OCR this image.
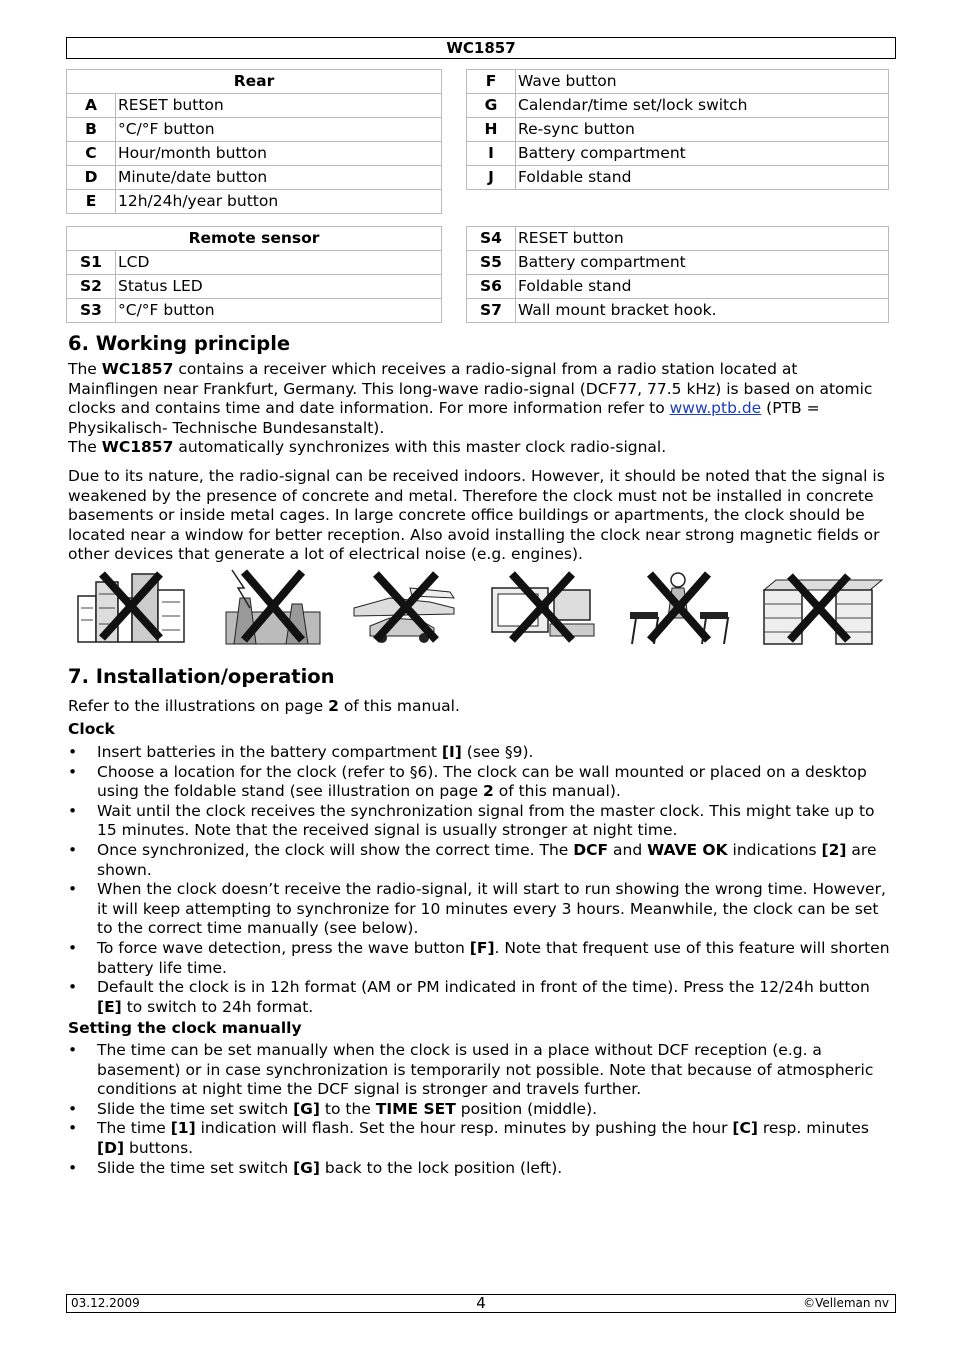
WC1857
Rear			F	Wave button
A	RESET button		G	Calendar/time set/lock switch
B	°C/°F button		H	Re-sync button
C	Hour/month button		I	Battery compartment
D	Minute/date button		J	Foldable stand
E	12h/24h/year button			
Remote sensor			S4	RESET button
S1	LCD		S5	Battery compartment
S2	Status LED		S6	Foldable stand
S3	°C/°F button		S7	Wall mount bracket hook.
6. Working principle

The WC1857 contains a receiver which receives a radio-signal from a radio station located at Mainflingen near Frankfurt, Germany. This long-wave radio-signal (DCF77, 77.5 kHz) is based on atomic clocks and contains time and date information. For more information refer to www.ptb.de (PTB = Physikalisch- Technische Bundesanstalt).
The WC1857 automatically synchronizes with this master clock radio-signal.

Due to its nature, the radio-signal can be received indoors. However, it should be noted that the signal is weakened by the presence of concrete and metal. Therefore the clock must not be installed in concrete basements or inside metal cages. In large concrete office buildings or apartments, the clock should be located near a window for better reception. Also avoid installing the clock near strong magnetic fields or other devices that generate a lot of electrical noise (e.g. engines).

7. Installation/operation

Refer to the illustrations on page 2 of this manual.

Clock

• Insert batteries in the battery compartment [I] (see §9).
• Choose a location for the clock (refer to §6). The clock can be wall mounted or placed on a desktop using the foldable stand (see illustration on page 2 of this manual).
• Wait until the clock receives the synchronization signal from the master clock. This might take up to 15 minutes. Note that the received signal is usually stronger at night time.
• Once synchronized, the clock will show the correct time. The DCF and WAVE OK indications [2] are shown.
• When the clock doesn’t receive the radio-signal, it will start to run showing the wrong time. However, it will keep attempting to synchronize for 10 minutes every 3 hours. Meanwhile, the clock can be set to the correct time manually (see below).
• To force wave detection, press the wave button [F]. Note that frequent use of this feature will shorten battery life time.
• Default the clock is in 12h format (AM or PM indicated in front of the time). Press the 12/24h button [E] to switch to 24h format.

Setting the clock manually

• The time can be set manually when the clock is used in a place without DCF reception (e.g. a basement) or in case synchronization is temporarily not possible. Note that because of atmospheric conditions at night time the DCF signal is stronger and travels further.
• Slide the time set switch [G] to the TIME SET position (middle).
• The time [1] indication will flash. Set the hour resp. minutes by pushing the hour [C] resp. minutes [D] buttons.
• Slide the time set switch [G] back to the lock position (left).
03.12.2009	4	©Velleman nv
